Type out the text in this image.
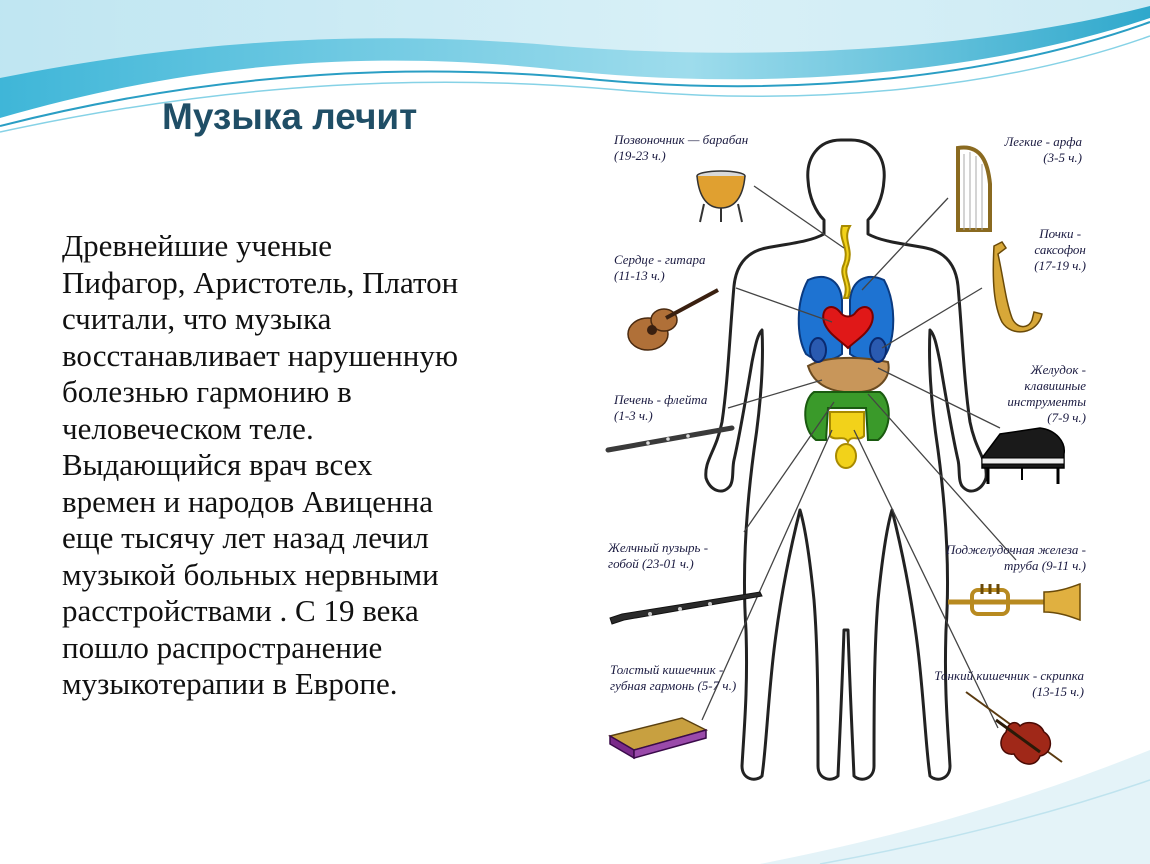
Музыка лечит
Древнейшие ученые
Пифагор, Аристотель, Платон
считали, что музыка
восстанавливает нарушенную
болезнью гармонию в
человеческом теле.
Выдающийся врач всех
времен и народов Авиценна
еще тысячу лет назад лечил
музыкой больных нервными
расстройствами . С 19 века
пошло распространение
музыкотерапии в Европе.
Позвоночник — барабан
(19-23 ч.)
Сердце - гитара
(11-13 ч.)
Печень - флейта
(1-3 ч.)
Желчный пузырь -
гобой (23-01 ч.)
Толстый кишечник -
губная гармонь (5-7 ч.)
Легкие - арфа
(3-5 ч.)
Почки -
саксофон
(17-19 ч.)
Желудок -
клавишные
инструменты
(7-9 ч.)
Поджелудочная железа -
труба (9-11 ч.)
Тонкий кишечник - скрипка
(13-15 ч.)
